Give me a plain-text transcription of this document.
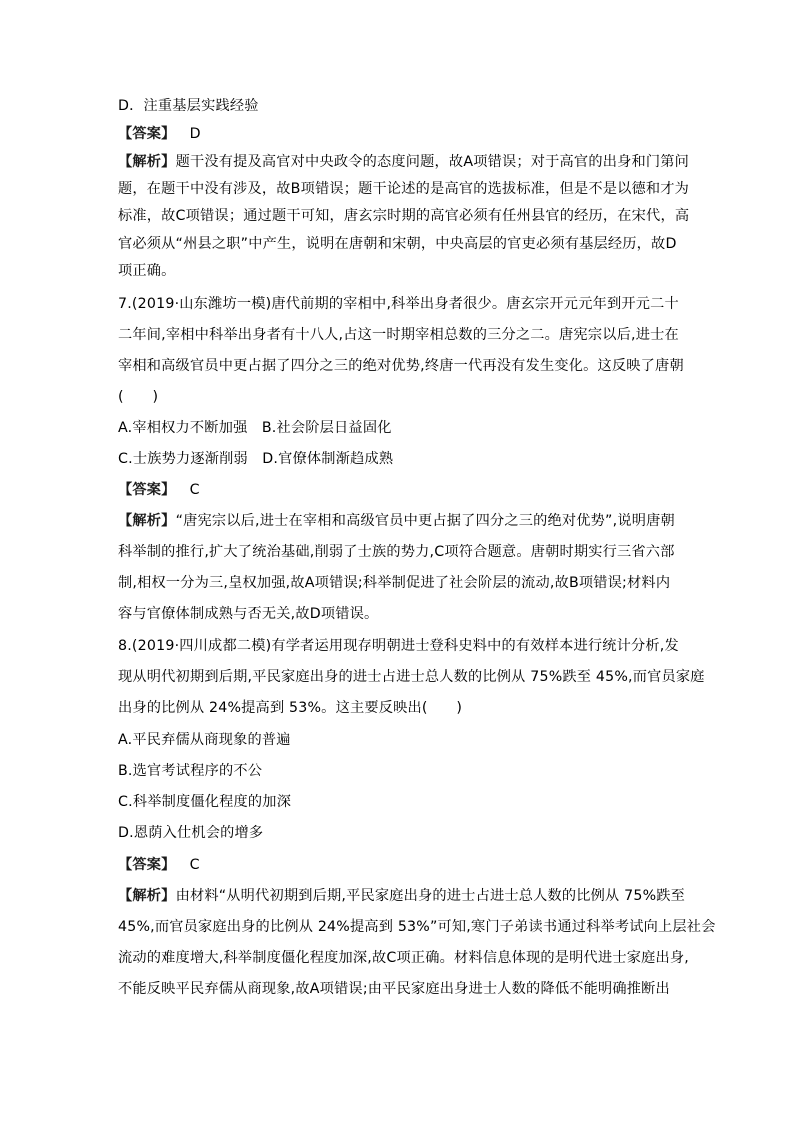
D．注重基层实践经验
【答案】 D
【解析】题干没有提及高官对中央政令的态度问题，故A项错误；对于高官的出身和门第问
题，在题干中没有涉及，故B项错误；题干论述的是高官的选拔标准，但是不是以德和才为
标准，故C项错误；通过题干可知，唐玄宗时期的高官必须有任州县官的经历，在宋代，高
官必须从“州县之职”中产生，说明在唐朝和宋朝，中央高层的官吏必须有基层经历，故D
项正确。
7.(2019·山东潍坊一模)唐代前期的宰相中,科举出身者很少。唐玄宗开元元年到开元二十
二年间,宰相中科举出身者有十八人,占这一时期宰相总数的三分之二。唐宪宗以后,进士在
宰相和高级官员中更占据了四分之三的绝对优势,终唐一代再没有发生变化。这反映了唐朝
(　　)
A.宰相权力不断加强　B.社会阶层日益固化
C.士族势力逐渐削弱　D.官僚体制渐趋成熟
【答案】 C
【解析】“唐宪宗以后,进士在宰相和高级官员中更占据了四分之三的绝对优势”,说明唐朝
科举制的推行,扩大了统治基础,削弱了士族的势力,C项符合题意。唐朝时期实行三省六部
制,相权一分为三,皇权加强,故A项错误;科举制促进了社会阶层的流动,故B项错误;材料内
容与官僚体制成熟与否无关,故D项错误。
8.(2019·四川成都二模)有学者运用现存明朝进士登科史料中的有效样本进行统计分析,发
现从明代初期到后期,平民家庭出身的进士占进士总人数的比例从 75%跌至 45%,而官员家庭
出身的比例从 24%提高到 53%。这主要反映出(　　)
A.平民弃儒从商现象的普遍
B.选官考试程序的不公
C.科举制度僵化程度的加深
D.恩荫入仕机会的增多
【答案】 C
【解析】由材料“从明代初期到后期,平民家庭出身的进士占进士总人数的比例从 75%跌至
45%,而官员家庭出身的比例从 24%提高到 53%”可知,寒门子弟读书通过科举考试向上层社会
流动的难度增大,科举制度僵化程度加深,故C项正确。材料信息体现的是明代进士家庭出身,
不能反映平民弃儒从商现象,故A项错误;由平民家庭出身进士人数的降低不能明确推断出
